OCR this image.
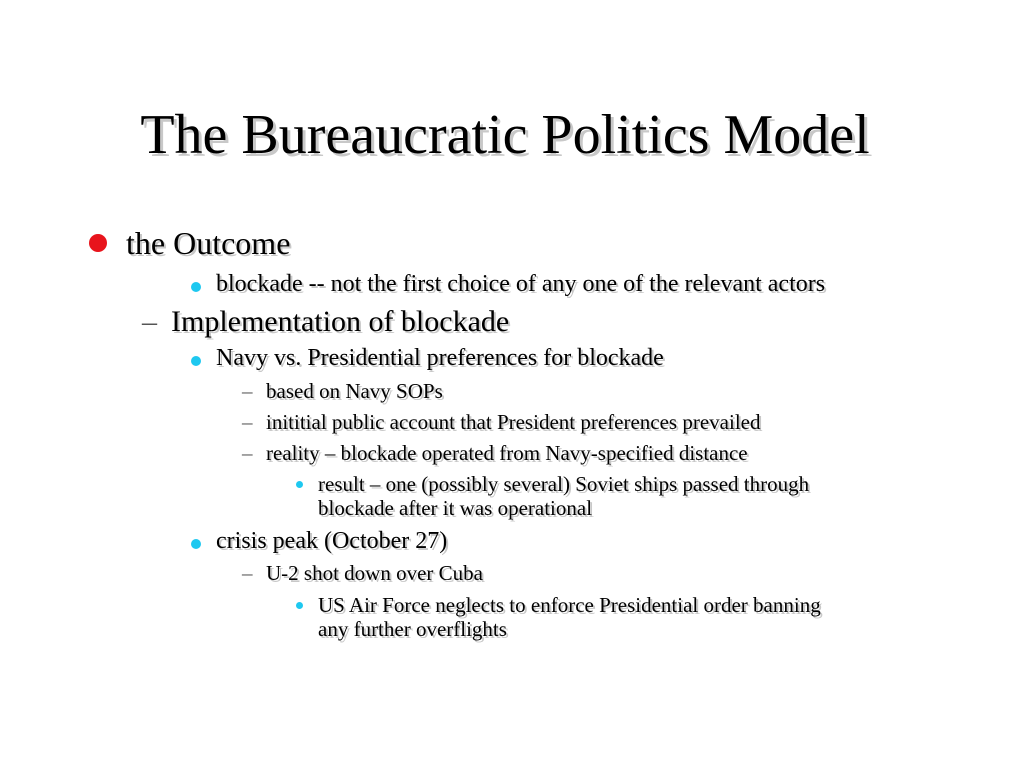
The Bureaucratic Politics Model
the Outcome
blockade -- not the first choice of any one of the relevant actors
– Implementation of blockade
Navy vs. Presidential preferences for blockade
– based on Navy SOPs
– inititial public account that President preferences prevailed
– reality – blockade operated from Navy-specified distance
result – one (possibly several) Soviet ships passed through
blockade after it was operational
crisis peak (October 27)
– U-2 shot down over Cuba
US Air Force neglects to enforce Presidential order banning
any further overflights
